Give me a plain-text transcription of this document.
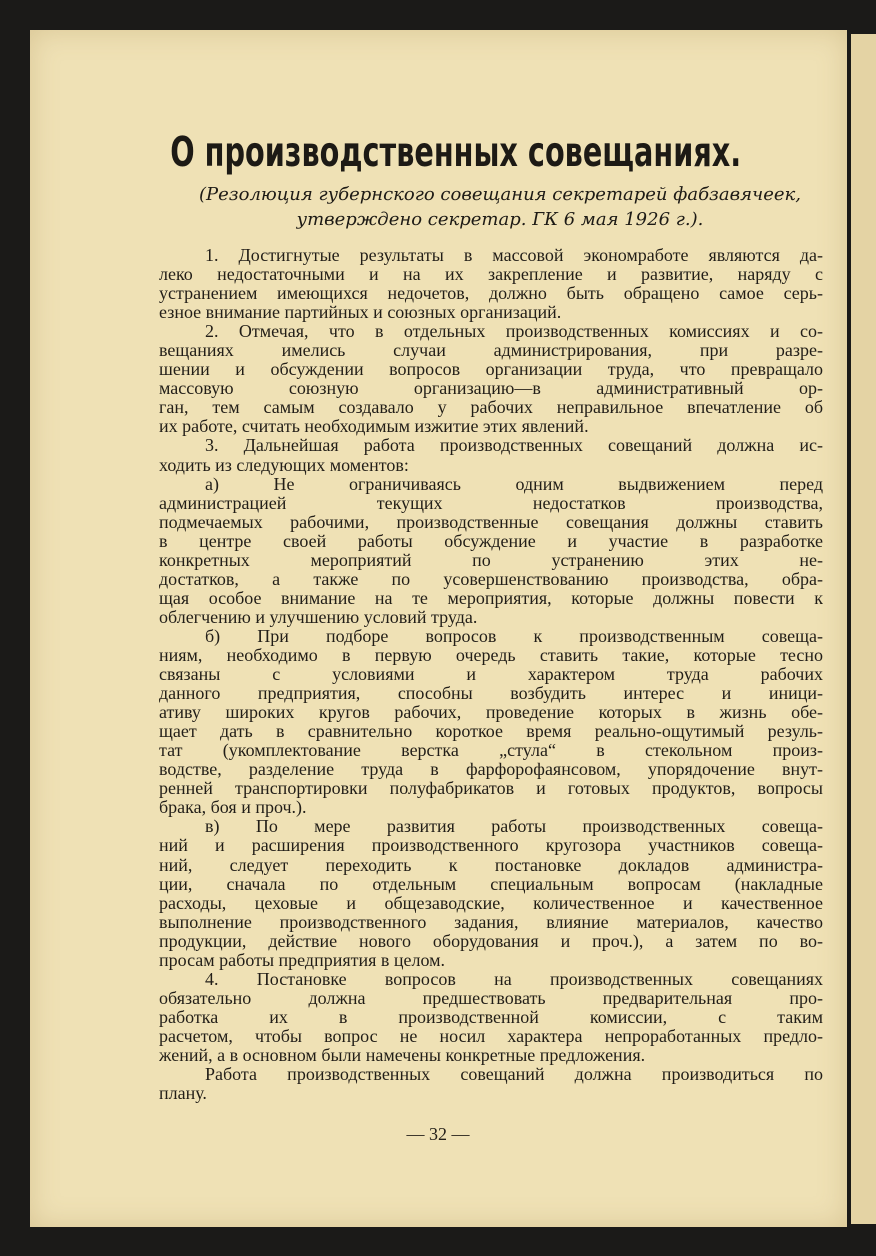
О производственных совещаниях.
(Резолюция губернского совещания секретарей фабзавячеек,
утверждено секретар. ГК 6 мая 1926 г.).
1. Достигнутые результаты в массовой экономработе являются да-
леко недостаточными и на их закрепление и развитие, наряду с
устранением имеющихся недочетов, должно быть обращено самое серь-
езное внимание партийных и союзных организаций.
2. Отмечая, что в отдельных производственных комиссиях и со-
вещаниях имелись случаи администрирования, при разре-
шении и обсуждении вопросов организации труда, что превращало
массовую союзную организацию—в административный ор-
ган, тем самым создавало у рабочих неправильное впечатление об
их работе, считать необходимым изжитие этих явлений.
3. Дальнейшая работа производственных совещаний должна ис-
ходить из следующих моментов:
а) Не ограничиваясь одним выдвижением перед
администрацией текущих недостатков производства,
подмечаемых рабочими, производственные совещания должны ставить
в центре своей работы обсуждение и участие в разработке
конкретных мероприятий по устранению этих не-
достатков, а также по усовершенствованию производства, обра-
щая особое внимание на те мероприятия, которые должны повести к
облегчению и улучшению условий труда.
б) При подборе вопросов к производственным совеща-
ниям, необходимо в первую очередь ставить такие, которые тесно
связаны с условиями и характером труда рабочих
данного предприятия, способны возбудить интерес и иници-
ативу широких кругов рабочих, проведение которых в жизнь обе-
щает дать в сравнительно короткое время реально-ощутимый резуль-
тат (укомплектование верстка „стула“ в стекольном произ-
водстве, разделение труда в фарфорофаянсовом, упорядочение внут-
ренней транспортировки полуфабрикатов и готовых продуктов, вопросы
брака, боя и проч.).
в) По мере развития работы производственных совеща-
ний и расширения производственного кругозора участников совеща-
ний, следует переходить к постановке докладов администра-
ции, сначала по отдельным специальным вопросам (накладные
расходы, цеховые и общезаводские, количественное и качественное
выполнение производственного задания, влияние материалов, качество
продукции, действие нового оборудования и проч.), а затем по во-
просам работы предприятия в целом.
4. Постановке вопросов на производственных совещаниях
обязательно должна предшествовать предварительная про-
работка их в производственной комиссии, с таким
расчетом, чтобы вопрос не носил характера непроработанных предло-
жений, а в основном были намечены конкретные предложения.
Работа производственных совещаний должна производиться по
плану.
— 32 —
